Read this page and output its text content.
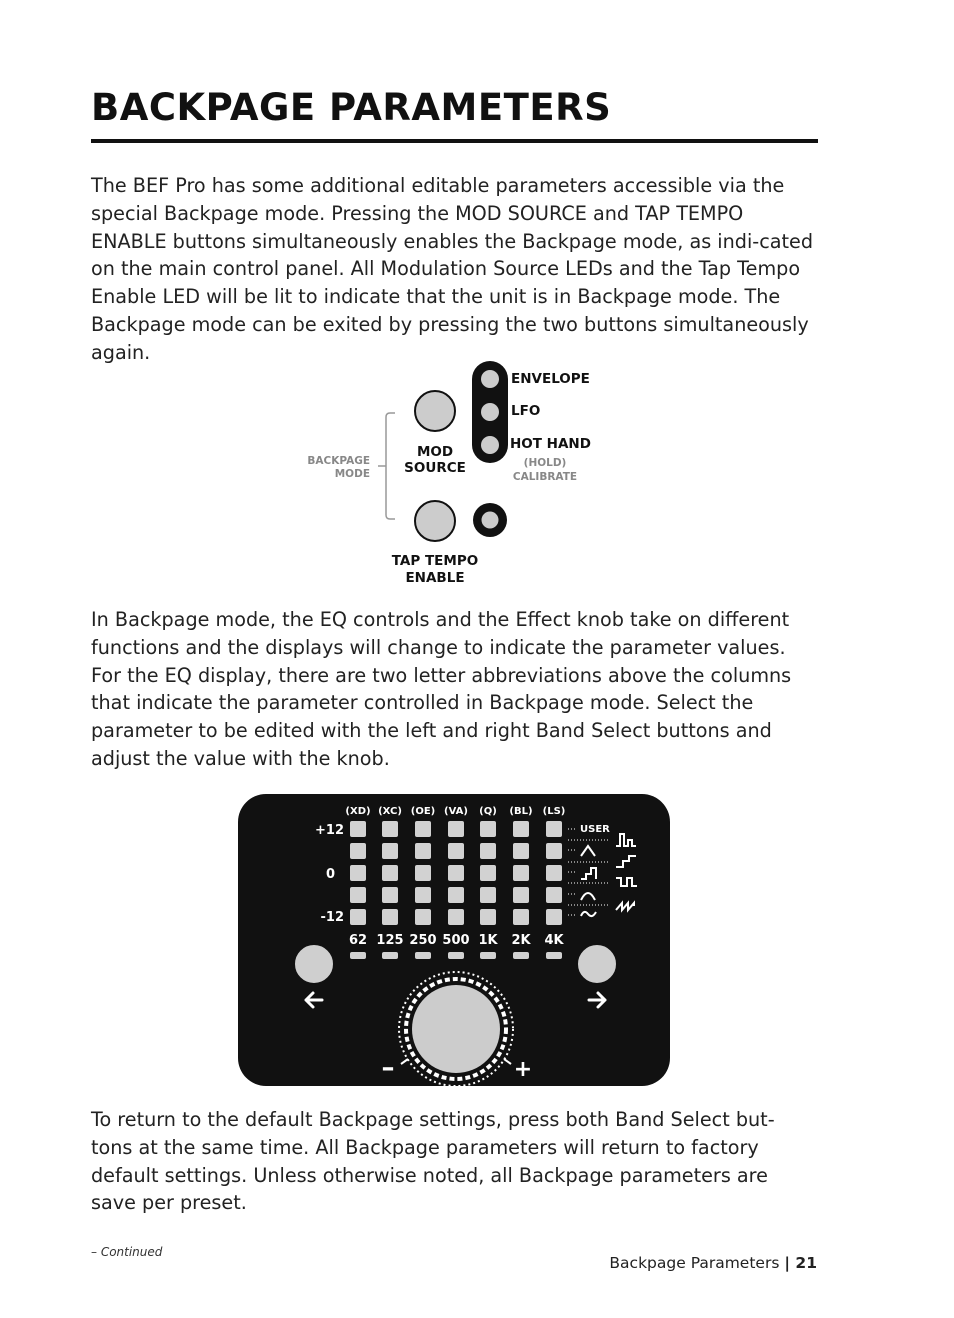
BACKPAGE PARAMETERS

The BEF Pro has some additional editable parameters accessible via the special Backpage mode. Pressing the MOD SOURCE and TAP TEMPO ENABLE buttons simultaneously enables the Backpage mode, as indi-cated on the main control panel. All Modulation Source LEDs and the Tap Tempo Enable LED will be lit to indicate that the unit is in Backpage mode. The Backpage mode can be exited by pressing the two buttons simultaneously again.

BACKPAGE
MODE
MOD
SOURCE
TAP TEMPO
ENABLE
ENVELOPE
LFO
HOT HAND
(HOLD)
CALIBRATE

In Backpage mode, the EQ controls and the Effect knob take on different functions and the displays will change to indicate the parameter values. For the EQ display, there are two letter abbreviations above the columns that indicate the parameter controlled in Backpage mode. Select the parameter to be edited with the left and right Band Select buttons and adjust the value with the knob.

(XD) (XC) (OE) (VA) (Q) (BL) (LS)
+12
0
-12
62 125 250 500 1K 2K 4K
USER
–	+

To return to the default Backpage settings, press both Band Select but-tons at the same time. All Backpage parameters will return to factory default settings. Unless otherwise noted, all Backpage parameters are save per preset.

– Continued
Backpage Parameters | 21
